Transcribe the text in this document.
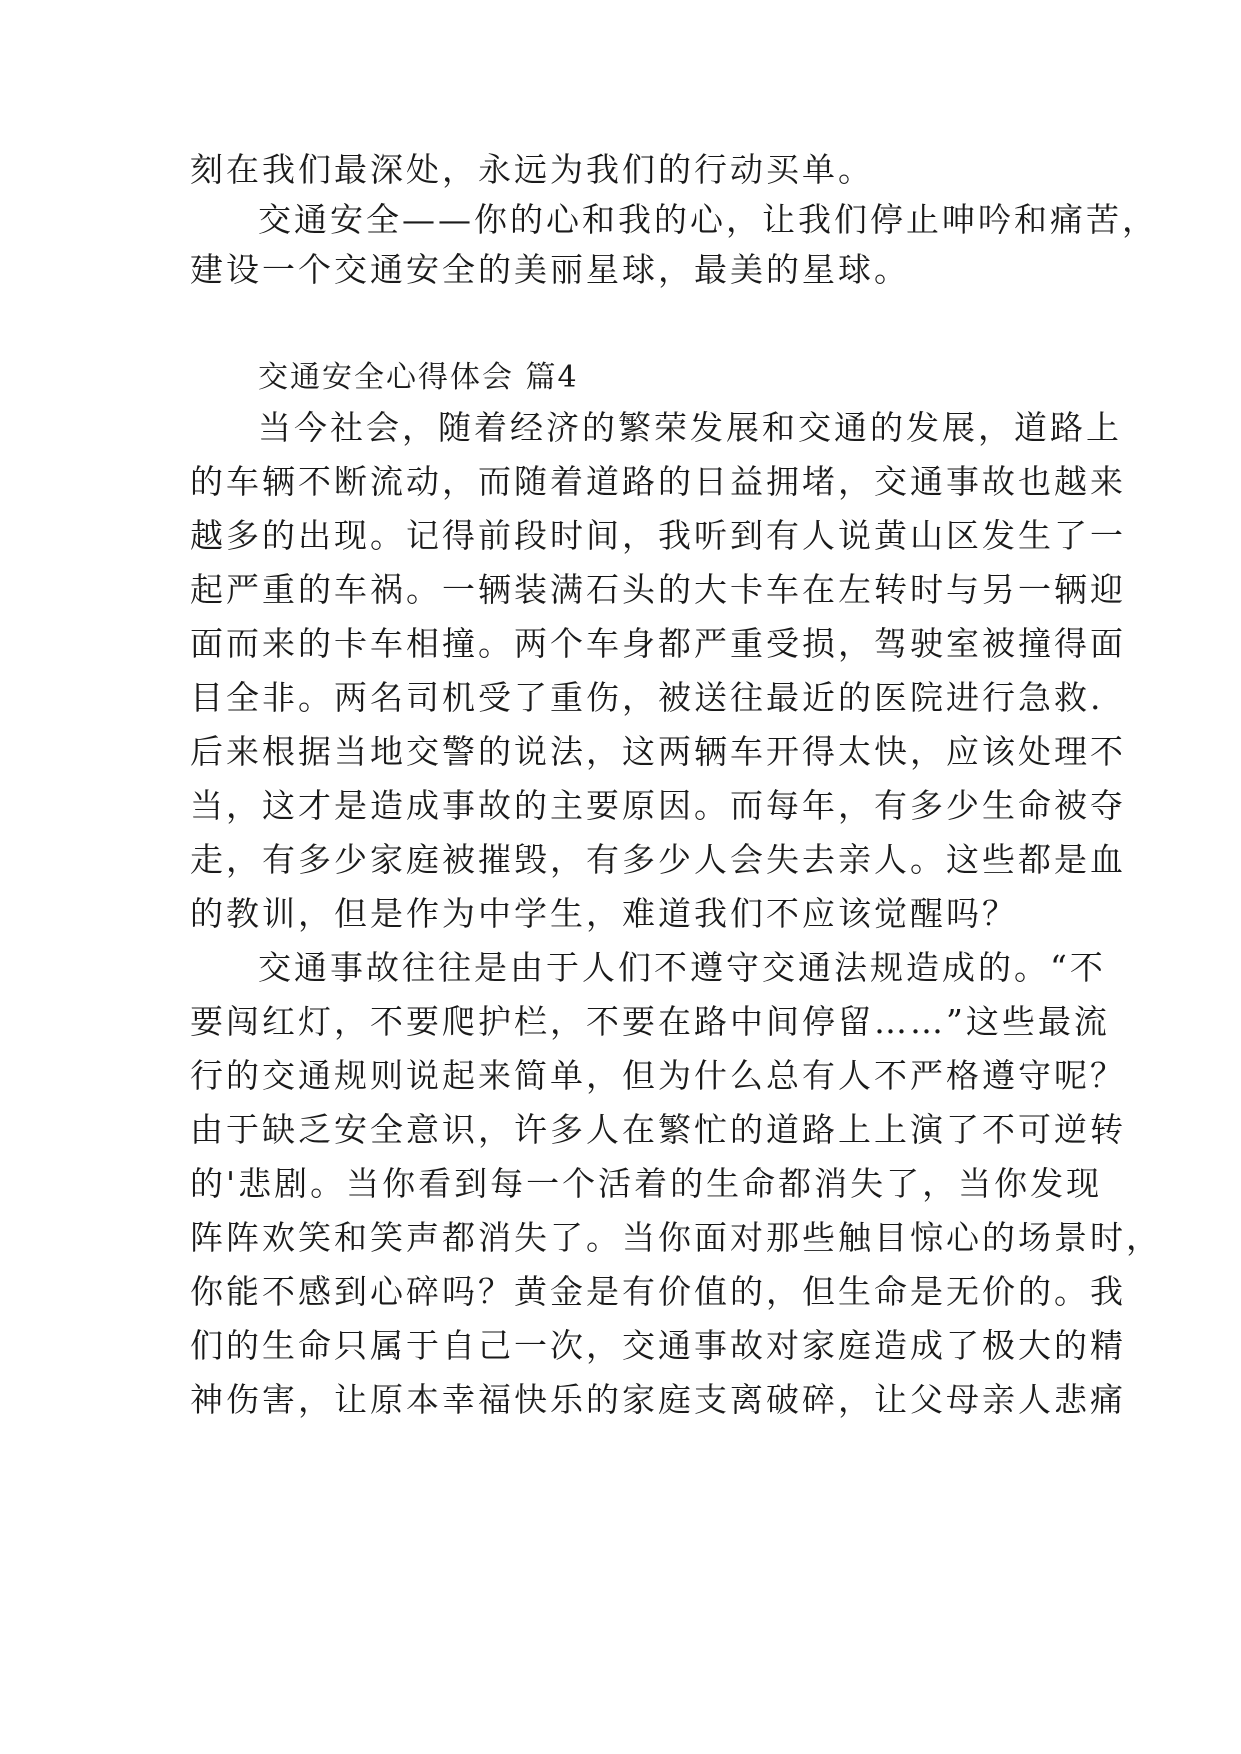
刻在我们最深处，永远为我们的行动买单。
交通安全——你的心和我的心，让我们停止呻吟和痛苦，
建设一个交通安全的美丽星球，最美的星球。
交通安全心得体会 篇4
当今社会，随着经济的繁荣发展和交通的发展，道路上
的车辆不断流动，而随着道路的日益拥堵，交通事故也越来
越多的出现。记得前段时间，我听到有人说黄山区发生了一
起严重的车祸。一辆装满石头的大卡车在左转时与另一辆迎
面而来的卡车相撞。两个车身都严重受损，驾驶室被撞得面
目全非。两名司机受了重伤，被送往最近的医院进行急救.
后来根据当地交警的说法，这两辆车开得太快，应该处理不
当，这才是造成事故的主要原因。而每年，有多少生命被夺
走，有多少家庭被摧毁，有多少人会失去亲人。这些都是血
的教训，但是作为中学生，难道我们不应该觉醒吗？
交通事故往往是由于人们不遵守交通法规造成的。“不
要闯红灯，不要爬护栏，不要在路中间停留……”这些最流
行的交通规则说起来简单，但为什么总有人不严格遵守呢？
由于缺乏安全意识，许多人在繁忙的道路上上演了不可逆转
的'悲剧。当你看到每一个活着的生命都消失了，当你发现
阵阵欢笑和笑声都消失了。当你面对那些触目惊心的场景时，
你能不感到心碎吗？黄金是有价值的，但生命是无价的。我
们的生命只属于自己一次，交通事故对家庭造成了极大的精
神伤害，让原本幸福快乐的家庭支离破碎，让父母亲人悲痛
